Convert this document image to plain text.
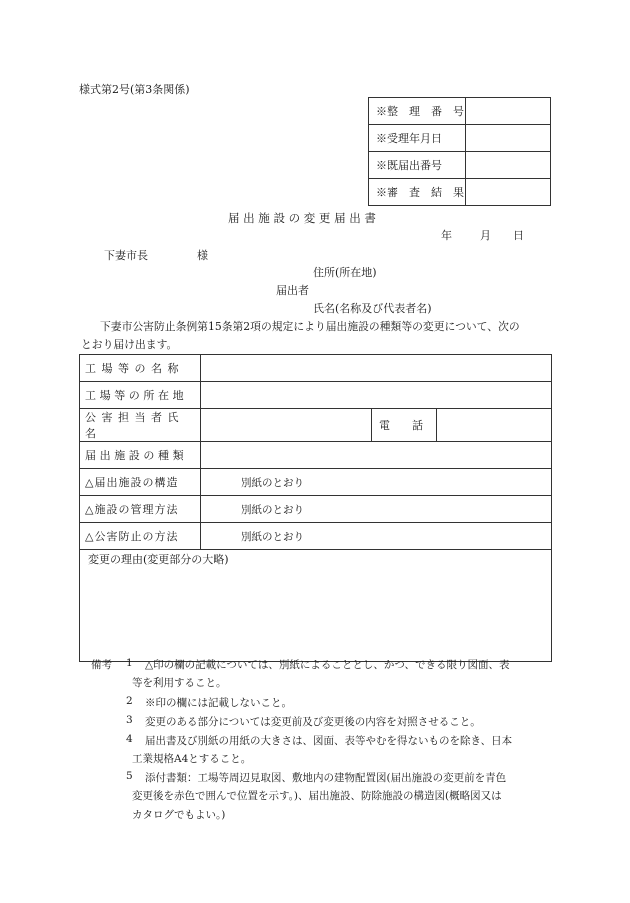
様式第2号(第3条関係)
※整　理　番　号	
※受理年月日	
※既届出番号	
※審　査　結　果	
届 出 施 設 の 変 更 届 出 書
年	月 日
下妻市長	様
住所(所在地)
届出者
氏名(名称及び代表者名)
下妻市公害防止条例第15条第2項の規定により届出施設の種類等の変更について、次の
とおり届け出ます。
工場等の名称			

工場等の所在地			
公害担当者氏名		電　　話	
届出施設の種類			
△届出施設の構造	別紙のとおり		
△施設の管理方法	別紙のとおり		
△公害防止の方法	別紙のとおり		
変更の理由(変更部分の大略)			
備考 1 △印の欄の記載については、別紙によることとし、かつ、できる限り図面、表
等を利用すること。
2 ※印の欄には記載しないこと。
3 変更のある部分については変更前及び変更後の内容を対照させること。
4 届出書及び別紙の用紙の大きさは、図面、表等やむを得ないものを除き、日本
工業規格A4とすること。
5 添付書類：工場等周辺見取図、敷地内の建物配置図(届出施設の変更前を青色
変更後を赤色で囲んで位置を示す。)、届出施設、防除施設の構造図(概略図又は
カタログでもよい。)
